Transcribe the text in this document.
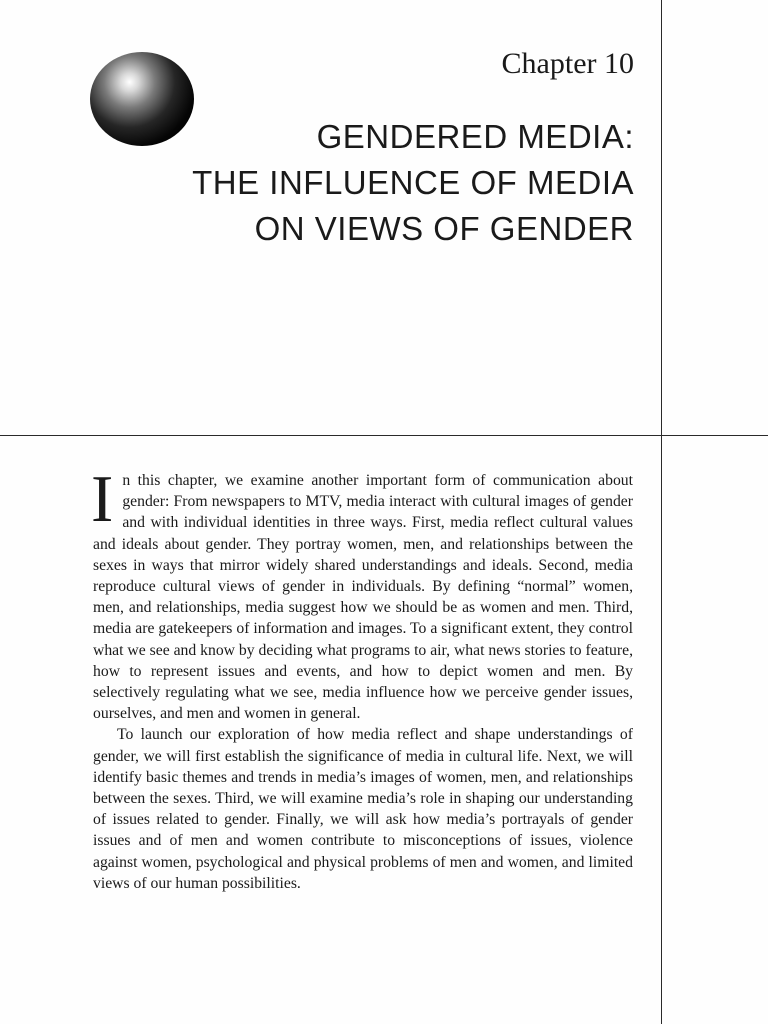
Chapter 10
GENDERED MEDIA:
THE INFLUENCE OF MEDIA
ON VIEWS OF GENDER

In this chapter, we examine another important form of communication about gender: From newspapers to MTV, media interact with cultural images of gender and with individual identities in three ways. First, media reflect cultural values and ideals about gender. They portray women, men, and relationships between the sexes in ways that mirror widely shared understandings and ideals. Second, media reproduce cultural views of gender in individuals. By defining “normal” women, men, and relationships, media suggest how we should be as women and men. Third, media are gatekeepers of information and images. To a significant extent, they control what we see and know by deciding what programs to air, what news stories to feature, how to represent issues and events, and how to depict women and men. By selectively regulating what we see, media influence how we perceive gender issues, ourselves, and men and women in general.

To launch our exploration of how media reflect and shape understandings of gender, we will first establish the significance of media in cultural life. Next, we will identify basic themes and trends in media’s images of women, men, and relationships between the sexes. Third, we will examine media’s role in shaping our understanding of issues related to gender. Finally, we will ask how media’s portrayals of gender issues and of men and women contribute to misconceptions of issues, violence against women, psychological and physical problems of men and women, and limited views of our human possibilities.
